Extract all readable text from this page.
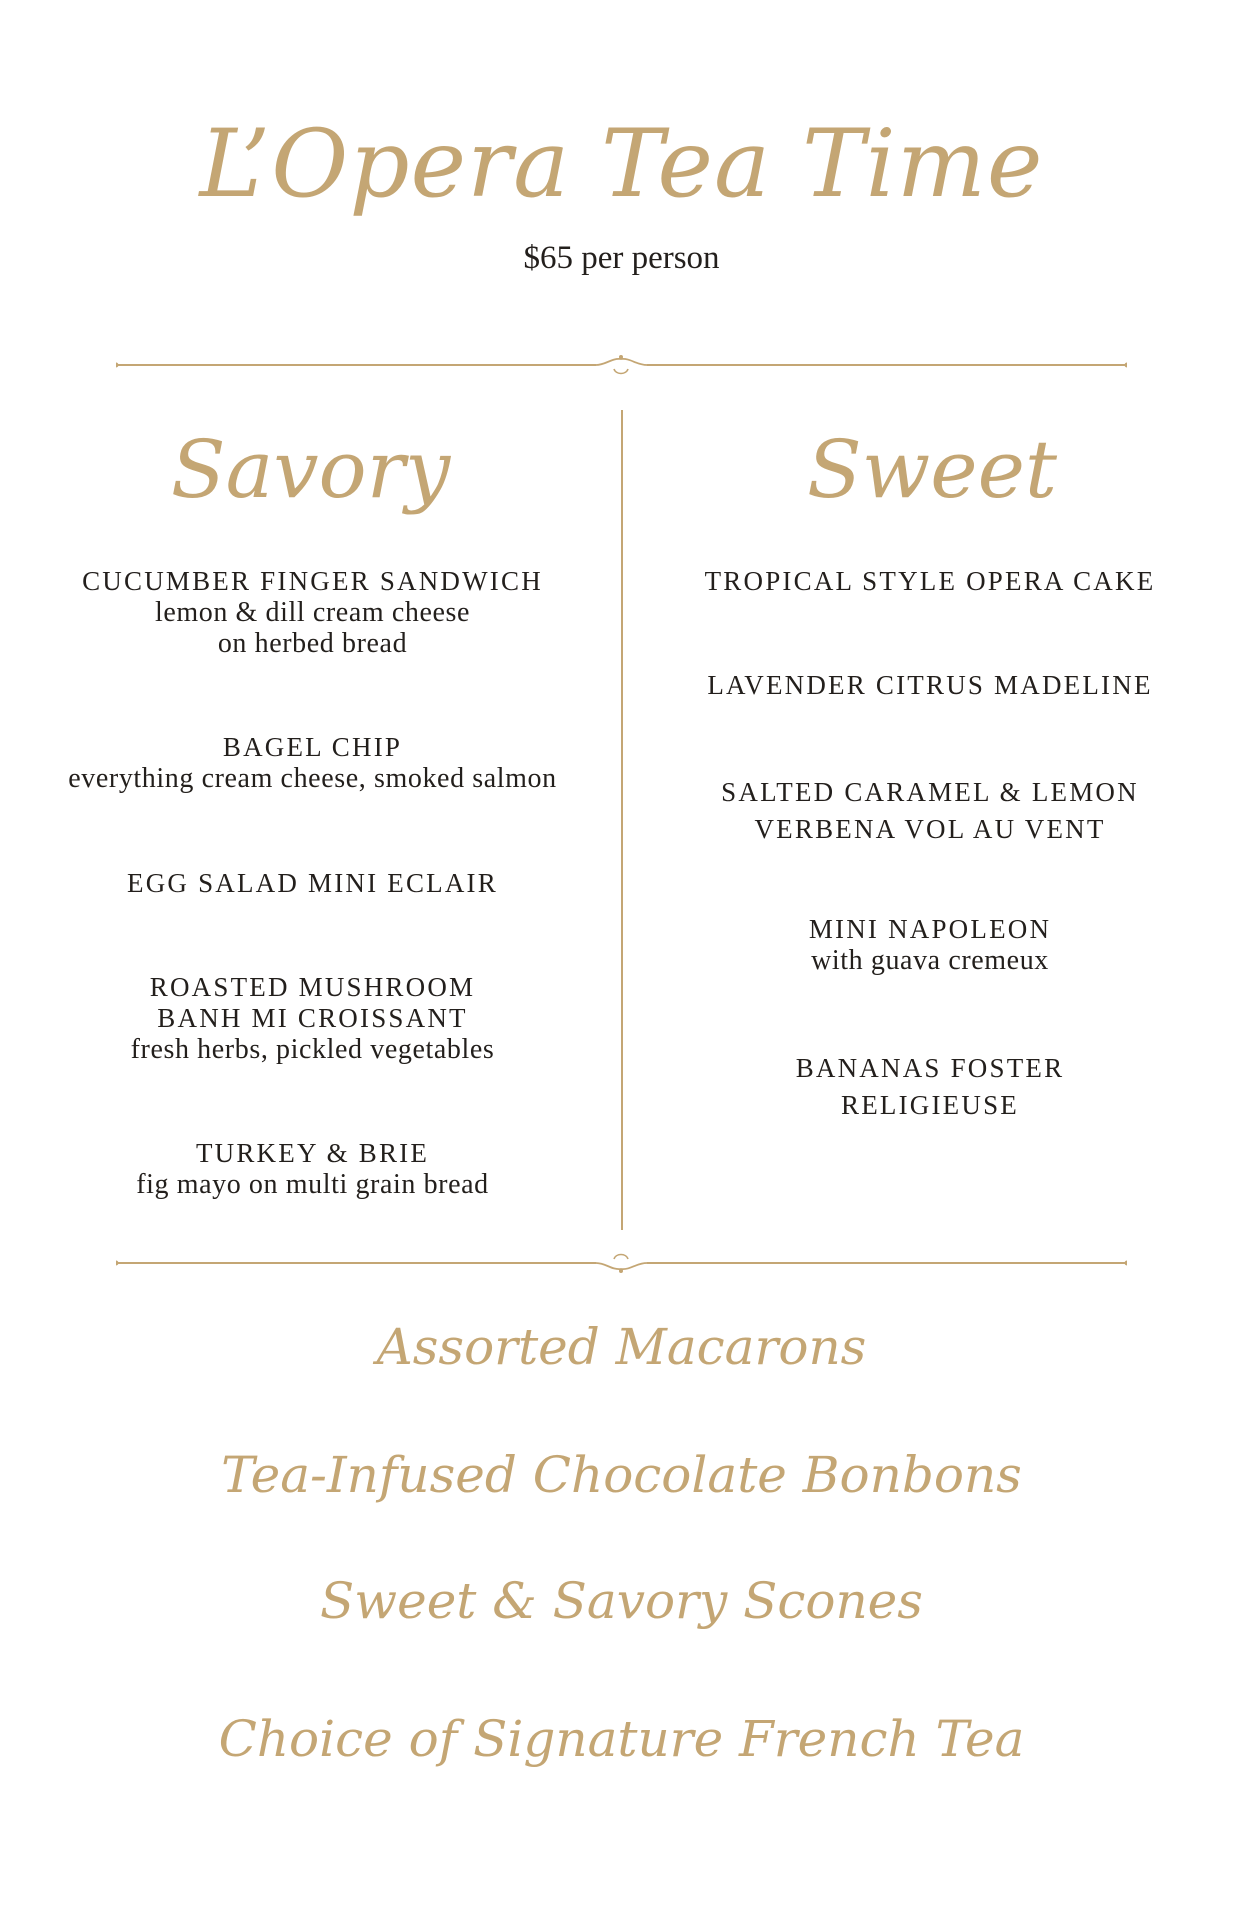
L’Opera Tea Time
$65 per person
Savory	Sweet
CUCUMBER FINGER SANDWICH
lemon & dill cream cheese
on herbed bread
BAGEL CHIP
everything cream cheese, smoked salmon
EGG SALAD MINI ECLAIR
ROASTED MUSHROOM
BANH MI CROISSANT
fresh herbs, pickled vegetables
TURKEY & BRIE
fig mayo on multi grain bread
TROPICAL STYLE OPERA CAKE
LAVENDER CITRUS MADELINE
SALTED CARAMEL & LEMON
VERBENA VOL AU VENT
MINI NAPOLEON
with guava cremeux
BANANAS FOSTER
RELIGIEUSE
Assorted Macarons
Tea-Infused Chocolate Bonbons
Sweet & Savory Scones
Choice of Signature French Tea
